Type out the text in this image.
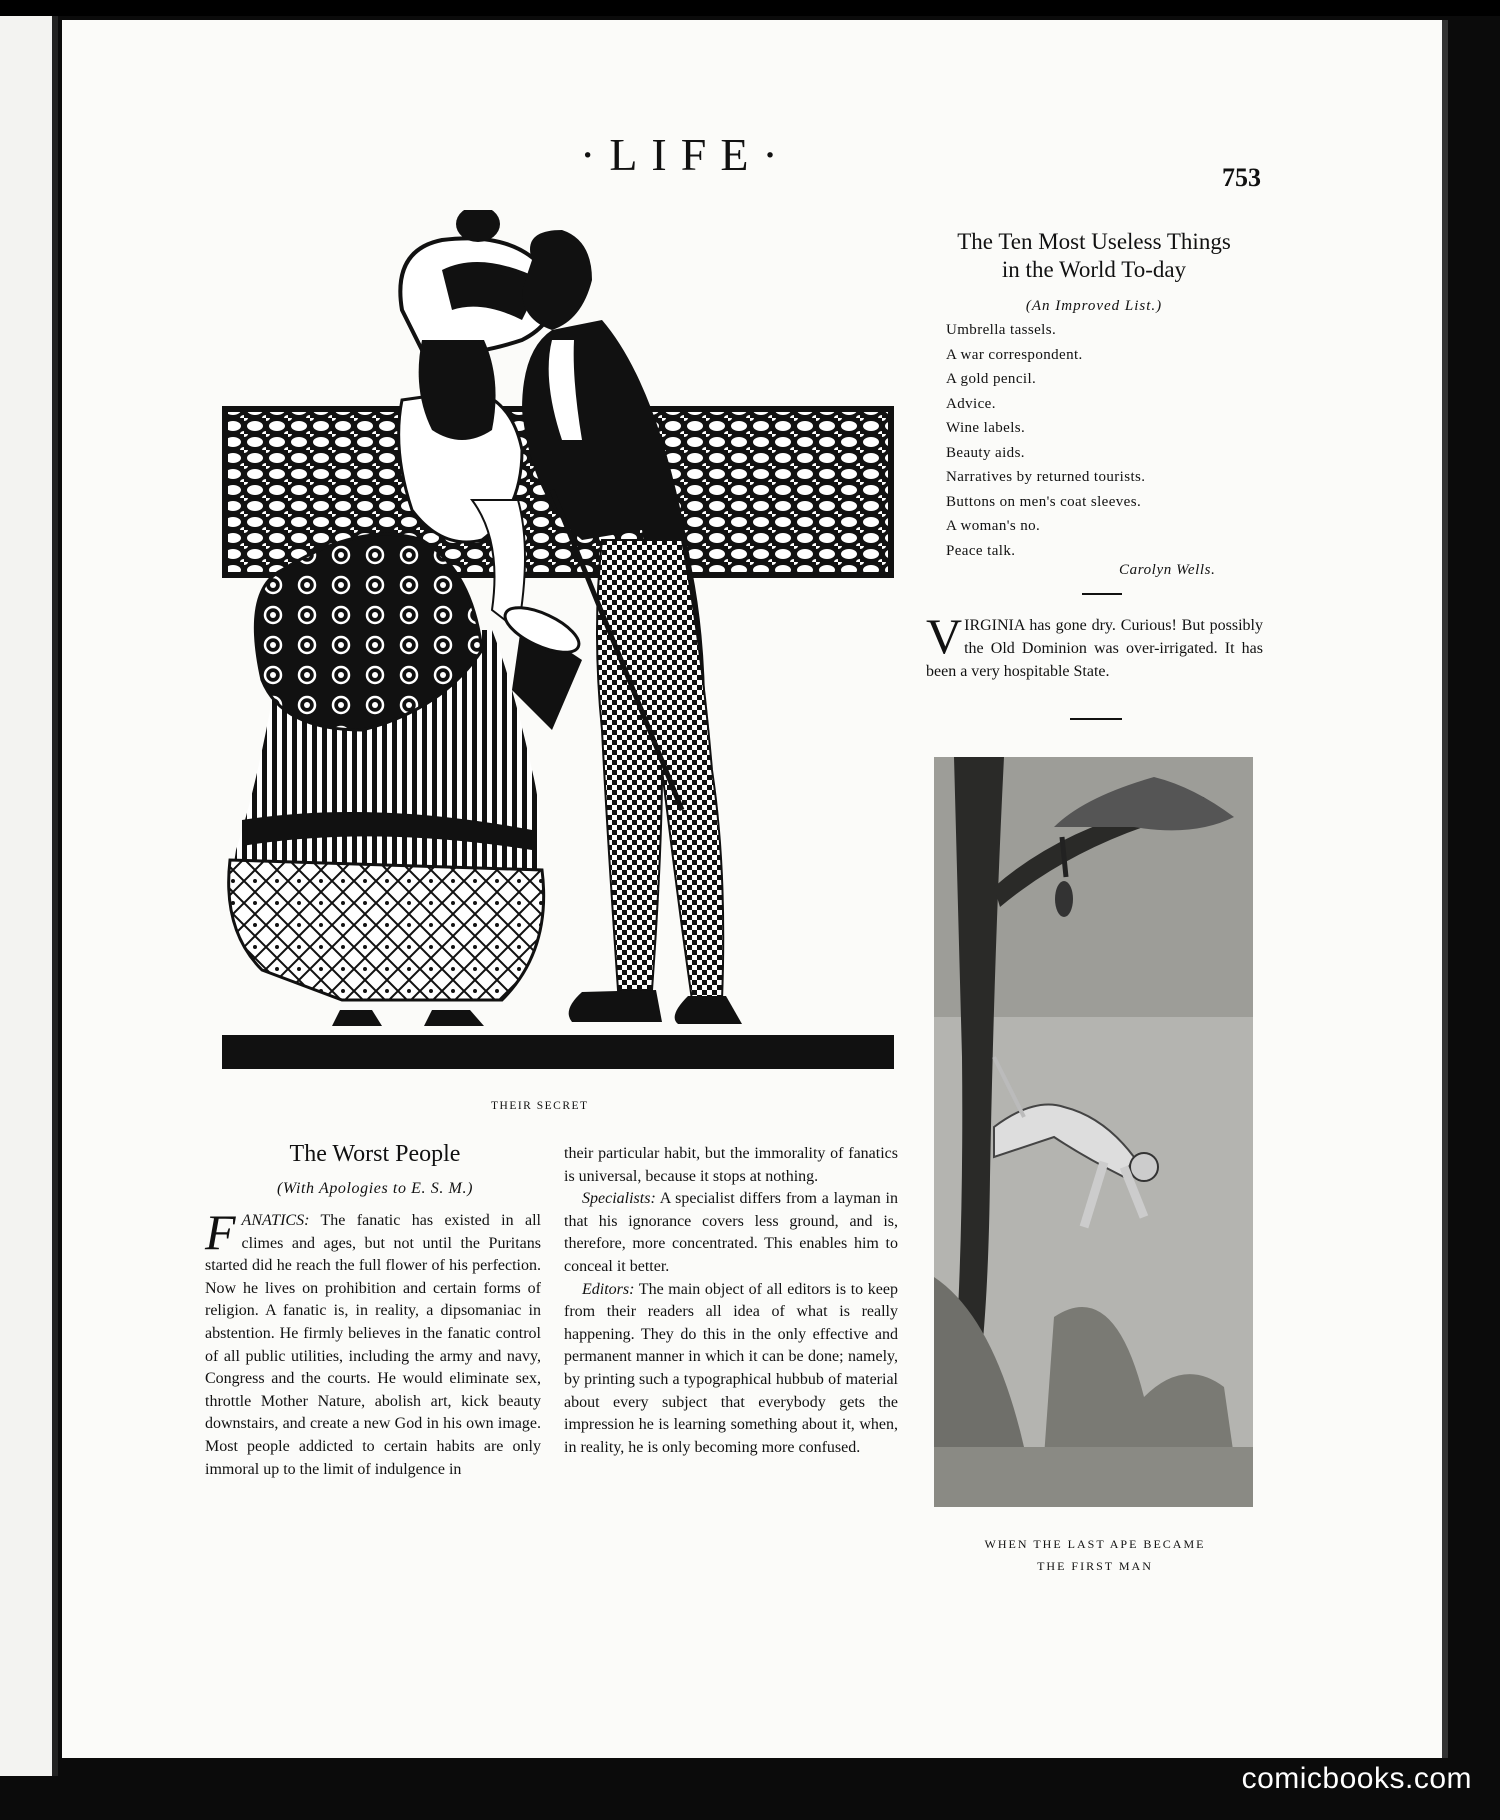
·LIFE·	753
THEIR SECRET
The Ten Most Useless Things
in the World To-day
(An Improved List.)
Umbrella tassels.
A war correspondent.
A gold pencil.
Advice.
Wine labels.
Beauty aids.
Narratives by returned tourists.
Buttons on men's coat sleeves.
A woman's no.
Peace talk.
Carolyn Wells.
VIRGINIA has gone dry. Curious! But possibly the Old Dominion was over-irrigated. It has been a very hospitable State.
WHEN THE LAST APE BECAME
THE FIRST MAN
The Worst People
(With Apologies to E. S. M.)

FANATICS: The fanatic has existed in all climes and ages, but not until the Puritans started did he reach the full flower of his perfection. Now he lives on prohibition and certain forms of religion. A fanatic is, in reality, a dipsomaniac in abstention. He firmly believes in the fanatic control of all public utilities, including the army and navy, Congress and the courts. He would eliminate sex, throttle Mother Nature, abolish art, kick beauty downstairs, and create a new God in his own image. Most people addicted to certain habits are only immoral up to the limit of indulgence in

their particular habit, but the immorality of fanatics is universal, because it stops at nothing.

Specialists: A specialist differs from a layman in that his ignorance covers less ground, and is, therefore, more concentrated. This enables him to conceal it better.

Editors: The main object of all editors is to keep from their readers all idea of what is really happening. They do this in the only effective and permanent manner in which it can be done; namely, by printing such a typographical hubbub of material about every subject that everybody gets the impression he is learning something about it, when, in reality, he is only becoming more confused.

comicbooks.com
